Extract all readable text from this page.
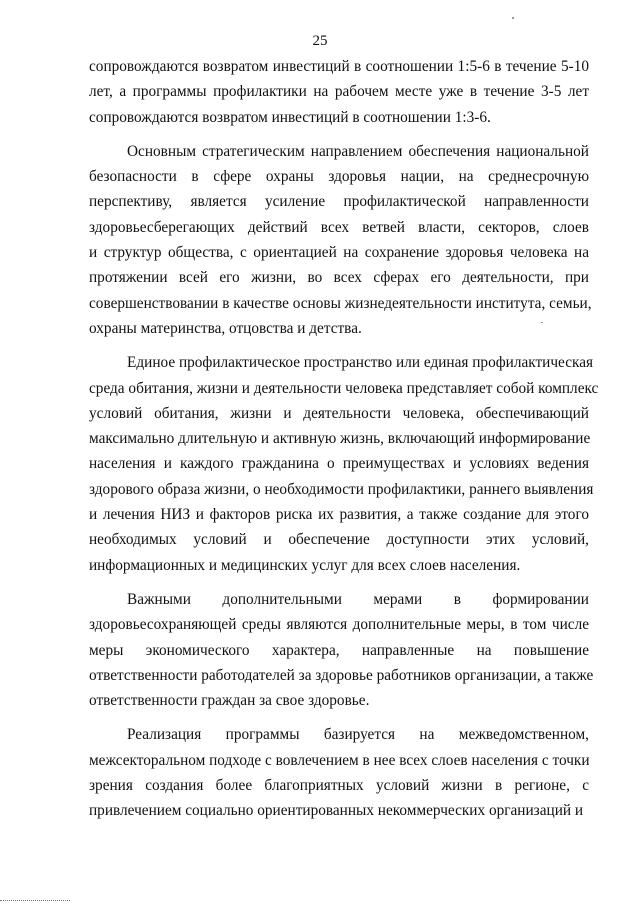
25
сопровождаются возвратом инвестиций в соотношении 1:5-6 в течение 5-10
лет, а программы профилактики на рабочем месте уже в течение 3-5 лет
сопровождаются возвратом инвестиций в соотношении 1:3-6.
Основным стратегическим направлением обеспечения национальной
безопасности в сфере охраны здоровья нации, на среднесрочную
перспективу, является усиление профилактической направленности
здоровьесберегающих действий всех ветвей власти, секторов, слоев
и структур общества, с ориентацией на сохранение здоровья человека на
протяжении всей его жизни, во всех сферах его деятельности, при
совершенствовании в качестве основы жизнедеятельности института, семьи,
охраны материнства, отцовства и детства.
Единое профилактическое пространство или единая профилактическая
среда обитания, жизни и деятельности человека представляет собой комплекс
условий обитания, жизни и деятельности человека, обеспечивающий
максимально длительную и активную жизнь, включающий информирование
населения и каждого гражданина о преимуществах и условиях ведения
здорового образа жизни, о необходимости профилактики, раннего выявления
и лечения НИЗ и факторов риска их развития, а также создание для этого
необходимых условий и обеспечение доступности этих условий,
информационных и медицинских услуг для всех слоев населения.
Важными дополнительными мерами в формировании
здоровьесохраняющей среды являются дополнительные меры, в том числе
меры экономического характера, направленные на повышение
ответственности работодателей за здоровье работников организации, а также
ответственности граждан за свое здоровье.
Реализация программы базируется на межведомственном,
межсекторальном подходе с вовлечением в нее всех слоев населения с точки
зрения создания более благоприятных условий жизни в регионе, с
привлечением социально ориентированных некоммерческих организаций и
